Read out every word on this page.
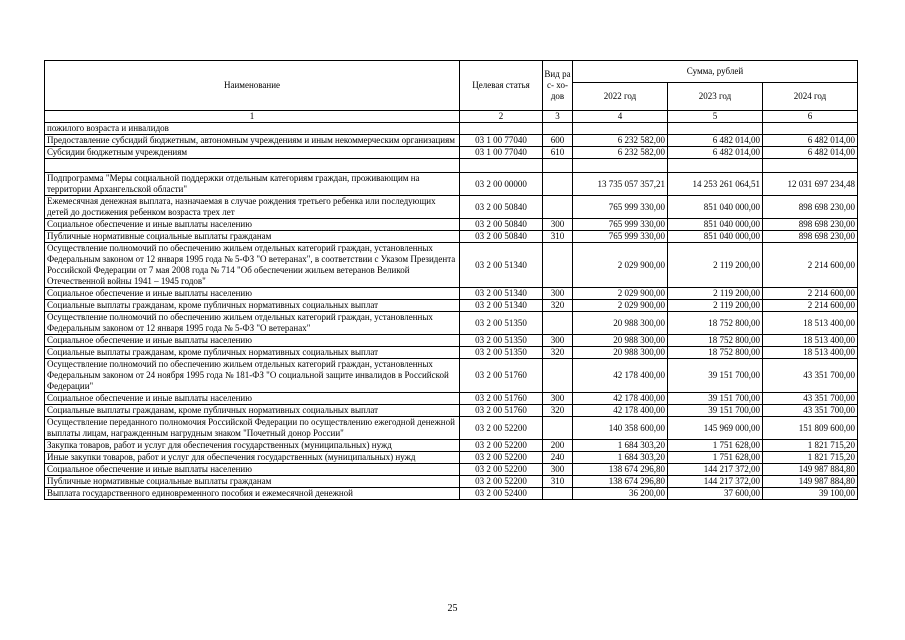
Наименование	Целевая статья	Вид рас- хо- дов	Сумма, рублей		
			2022 год	2023 год	2024 год
1	2	3	4	5	6
пожилого возраста и инвалидов					
Предоставление субсидий бюджетным, автономным учреждениям и иным некоммерческим организациям	03 1 00 77040	600	6 232 582,00	6 482 014,00	6 482 014,00
Субсидии бюджетным учреждениям	03 1 00 77040	610	6 232 582,00	6 482 014,00	6 482 014,00

Подпрограмма "Меры социальной поддержки отдельным категориям граждан, проживающим на территории Архангельской области"	03 2 00 00000		13 735 057 357,21	14 253 261 064,51	12 031 697 234,48
Ежемесячная денежная выплата, назначаемая в случае рождения третьего ребенка или последующих детей до достижения ребенком возраста трех лет	03 2 00 50840		765 999 330,00	851 040 000,00	898 698 230,00
Социальное обеспечение и иные выплаты населению	03 2 00 50840	300	765 999 330,00	851 040 000,00	898 698 230,00
Публичные нормативные социальные выплаты гражданам	03 2 00 50840	310	765 999 330,00	851 040 000,00	898 698 230,00
Осуществление полномочий по обеспечению жильем отдельных категорий граждан, установленных Федеральным законом от 12 января 1995 года № 5-ФЗ "О ветеранах", в соответствии с Указом Президента Российской Федерации от 7 мая 2008 года № 714 "Об обеспечении жильем ветеранов Великой Отечественной войны 1941 – 1945 годов"	03 2 00 51340		2 029 900,00	2 119 200,00	2 214 600,00
Социальное обеспечение и иные выплаты населению	03 2 00 51340	300	2 029 900,00	2 119 200,00	2 214 600,00
Социальные выплаты гражданам, кроме публичных нормативных социальных выплат	03 2 00 51340	320	2 029 900,00	2 119 200,00	2 214 600,00
Осуществление полномочий по обеспечению жильем отдельных категорий граждан, установленных Федеральным законом от 12 января 1995 года № 5-ФЗ "О ветеранах"	03 2 00 51350		20 988 300,00	18 752 800,00	18 513 400,00
Социальное обеспечение и иные выплаты населению	03 2 00 51350	300	20 988 300,00	18 752 800,00	18 513 400,00
Социальные выплаты гражданам, кроме публичных нормативных социальных выплат	03 2 00 51350	320	20 988 300,00	18 752 800,00	18 513 400,00
Осуществление полномочий по обеспечению жильем отдельных категорий граждан, установленных Федеральным законом от 24 ноября 1995 года № 181-ФЗ "О социальной защите инвалидов в Российской Федерации"	03 2 00 51760		42 178 400,00	39 151 700,00	43 351 700,00
Социальное обеспечение и иные выплаты населению	03 2 00 51760	300	42 178 400,00	39 151 700,00	43 351 700,00
Социальные выплаты гражданам, кроме публичных нормативных социальных выплат	03 2 00 51760	320	42 178 400,00	39 151 700,00	43 351 700,00
Осуществление переданного полномочия Российской Федерации по осуществлению ежегодной денежной выплаты лицам, награжденным нагрудным знаком "Почетный донор России"	03 2 00 52200		140 358 600,00	145 969 000,00	151 809 600,00
Закупка товаров, работ и услуг для обеспечения государственных (муниципальных) нужд	03 2 00 52200	200	1 684 303,20	1 751 628,00	1 821 715,20
Иные закупки товаров, работ и услуг для обеспечения государственных (муниципальных) нужд	03 2 00 52200	240	1 684 303,20	1 751 628,00	1 821 715,20
Социальное обеспечение и иные выплаты населению	03 2 00 52200	300	138 674 296,80	144 217 372,00	149 987 884,80
Публичные нормативные социальные выплаты гражданам	03 2 00 52200	310	138 674 296,80	144 217 372,00	149 987 884,80
Выплата государственного единовременного пособия и ежемесячной денежной	03 2 00 52400		36 200,00	37 600,00	39 100,00
25
